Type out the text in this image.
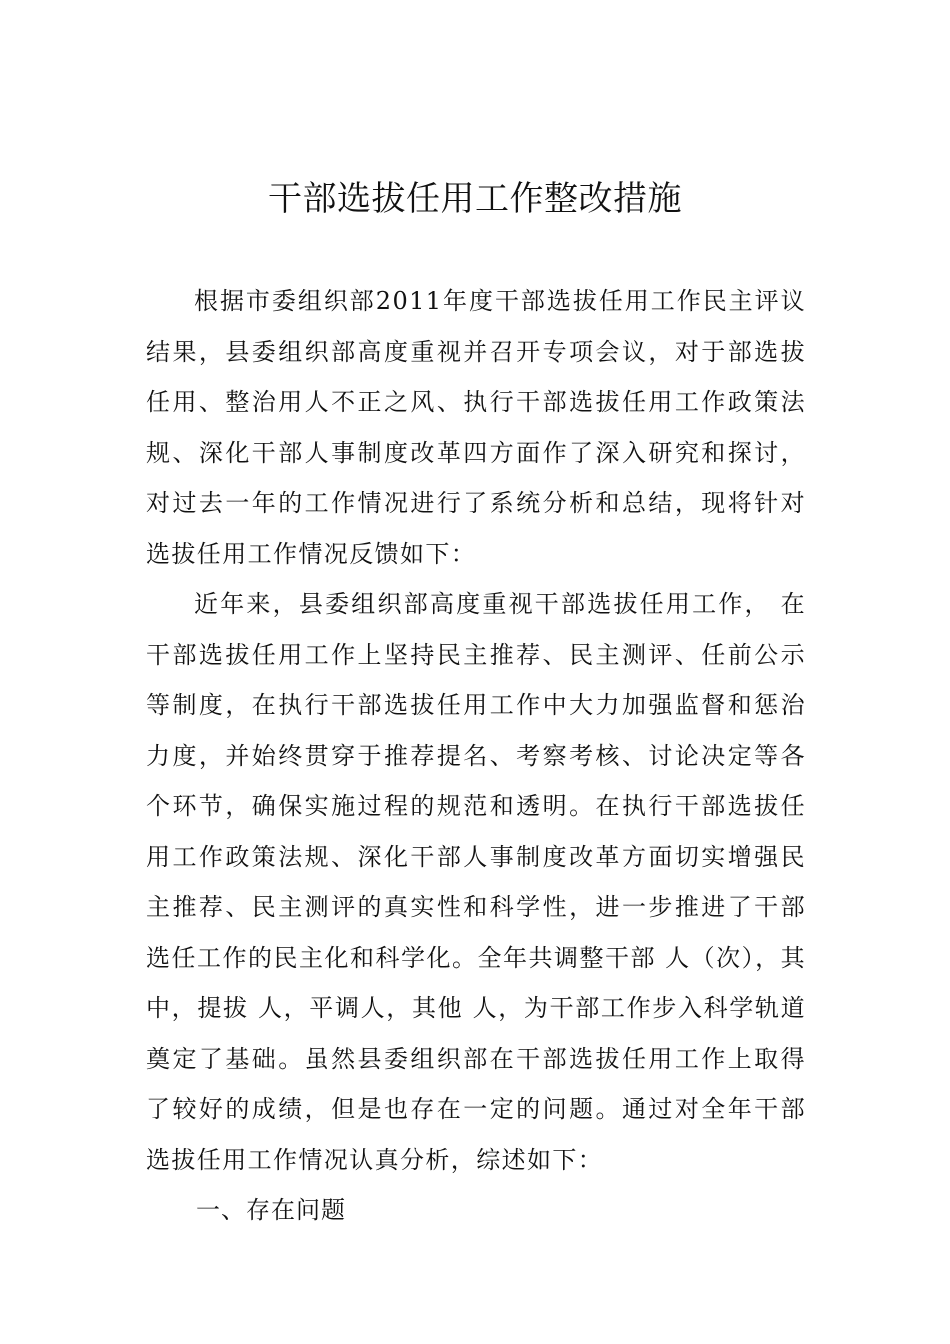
干部选拔任用工作整改措施

根据市委组织部2011年度干部选拔任用工作民主评议结果，县委组织部高度重视并召开专项会议，对于部选拔任用、整治用人不正之风、执行干部选拔任用工作政策法规、深化干部人事制度改革四方面作了深入研究和探讨，对过去一年的工作情况进行了系统分析和总结，现将针对选拔任用工作情况反馈如下：

近年来，县委组织部高度重视干部选拔任用工作， 在干部选拔任用工作上坚持民主推荐、民主测评、任前公示等制度，在执行干部选拔任用工作中大力加强监督和惩治力度，并始终贯穿于推荐提名、考察考核、讨论决定等各个环节，确保实施过程的规范和透明。在执行干部选拔任用工作政策法规、深化干部人事制度改革方面切实增强民主推荐、民主测评的真实性和科学性，进一步推进了干部选任工作的民主化和科学化。全年共调整干部 人（次），其中，提拔 人，平调人，其他 人，为干部工作步入科学轨道奠定了基础。虽然县委组织部在干部选拔任用工作上取得了较好的成绩，但是也存在一定的问题。通过对全年干部选拔任用工作情况认真分析，综述如下：

一、存在问题
